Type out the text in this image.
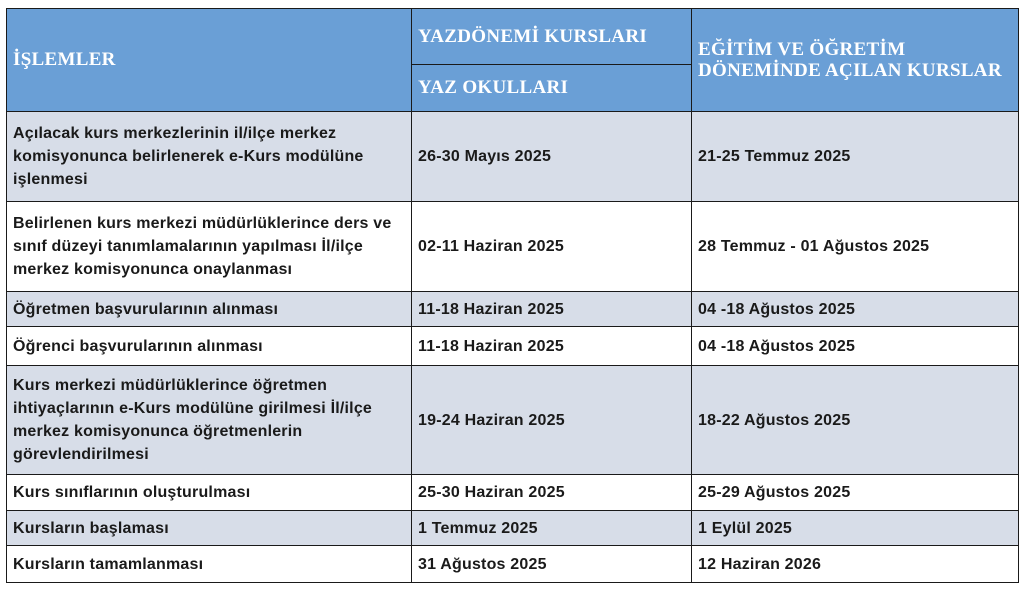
İŞLEMLER	YAZDÖNEMİ KURSLARI	EĞİTİM VE ÖĞRETİM DÖNEMİNDE AÇILAN KURSLAR
	YAZ OKULLARI	
Açılacak kurs merkezlerinin il/ilçe merkez komisyonunca belirlenerek e-Kurs modülüne işlenmesi	26-30 Mayıs 2025	21-25 Temmuz 2025
Belirlenen kurs merkezi müdürlüklerince ders ve sınıf düzeyi tanımlamalarının yapılması İl/ilçe merkez komisyonunca onaylanması	02-11 Haziran 2025	28 Temmuz - 01 Ağustos 2025
Öğretmen başvurularının alınması	11-18 Haziran 2025	04 -18 Ağustos 2025
Öğrenci başvurularının alınması	11-18 Haziran 2025	04 -18 Ağustos 2025
Kurs merkezi müdürlüklerince öğretmen ihtiyaçlarının e-Kurs modülüne girilmesi İl/ilçe merkez komisyonunca öğretmenlerin görevlendirilmesi	19-24 Haziran 2025	18-22 Ağustos 2025
Kurs sınıflarının oluşturulması	25-30 Haziran 2025	25-29 Ağustos 2025
Kursların başlaması	1 Temmuz 2025	1 Eylül 2025
Kursların tamamlanması	31 Ağustos 2025	12 Haziran 2026
